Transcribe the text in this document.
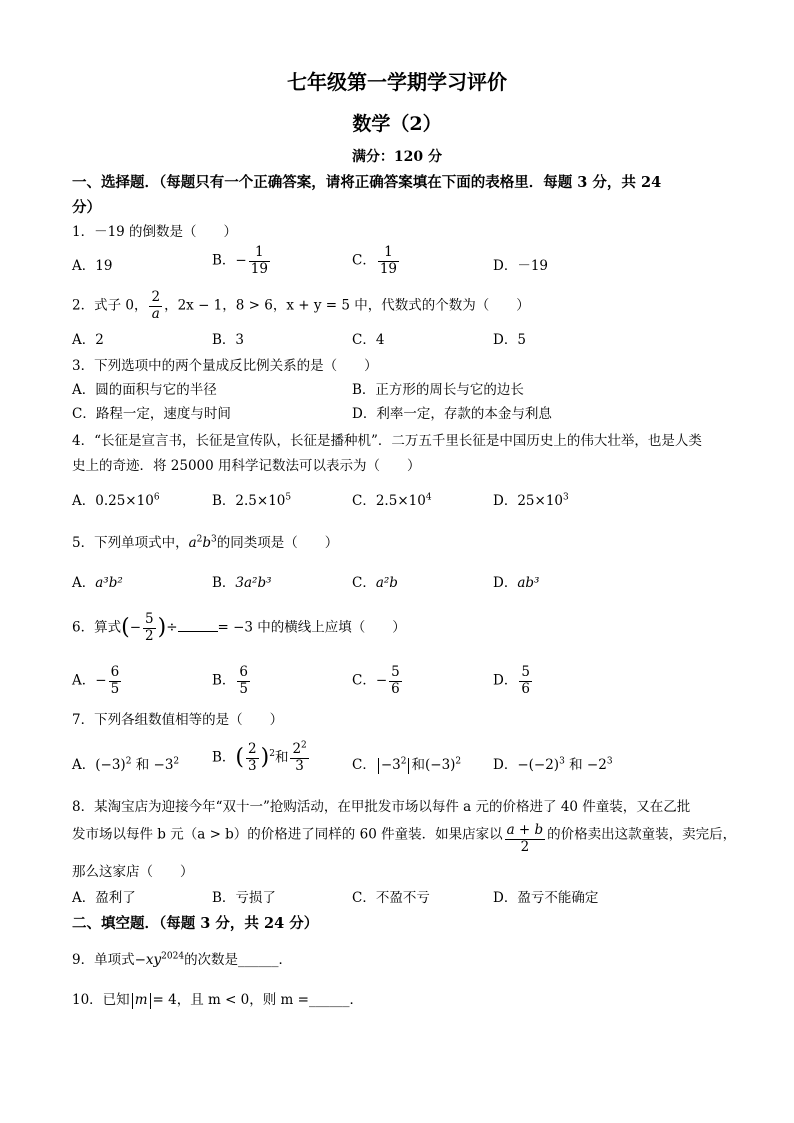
七年级第一学期学习评价
数学（2）
满分：120 分
一、选择题．（每题只有一个正确答案，请将正确答案填在下面的表格里．每题 3 分，共 24
分）
1．－19 的倒数是（　　）
A．19	B．− $\frac{1}{19}$	C． $\frac{1}{19}$	D．－19
2．式子 0， $\frac{2}{a}$ ，2x − 1，8 > 6，x + y = 5 中，代数式的个数为（　　）
A．2	B．3	C．4	D．5
3．下列选项中的两个量成反比例关系的是（　　）
A．圆的面积与它的半径	B．正方形的周长与它的边长
C．路程一定，速度与时间	D．利率一定，存款的本金与利息
4．“长征是宣言书，长征是宣传队，长征是播种机”．二万五千里长征是中国历史上的伟大壮举，也是人类
史上的奇迹．将 25000 用科学记数法可以表示为（　　）
A．$0.25\times 10^6$	B．$2.5\times 10^5$	C．$2.5\times 10^4$	D．$25\times 10^3$
5．下列单项式中，$a^2b^3$的同类项是（　　）
A．a³b²	B．3a²b³	C．a²b	D．ab³
6．算式(− $\frac{5}{2}$ )÷	= −3 中的横线上应填（　　）
A．− $\frac{6}{5}$	B． $\frac{6}{5}$	C．− $\frac{5}{6}$	D． $\frac{5}{6}$
7．下列各组数值相等的是（　　）
A．$(-3)^2$ 和 $-3^2$ B．( $\frac{2}{3} )^2$和 $\frac{2^2}{3}$	C． $-3^2$ 和$(-3)^2$ D．$-(-2)^3$ 和 $-2^3$
8．某淘宝店为迎接今年“双十一”抢购活动，在甲批发市场以每件 a 元的价格进了 40 件童装，又在乙批
发市场以每件 b 元（a > b）的价格进了同样的 60 件童装．如果店家以 $\frac{a + b}{2}$ 的价格卖出这款童装，卖完后，
那么这家店（　　）
A．盈利了	B．亏损了	C．不盈不亏	D．盈亏不能确定
二、填空题．（每题 3 分，共 24 分）
9．单项式$-xy^{2024}$的次数是______．
10．已知 m = 4，且 m < 0，则 m =______．
